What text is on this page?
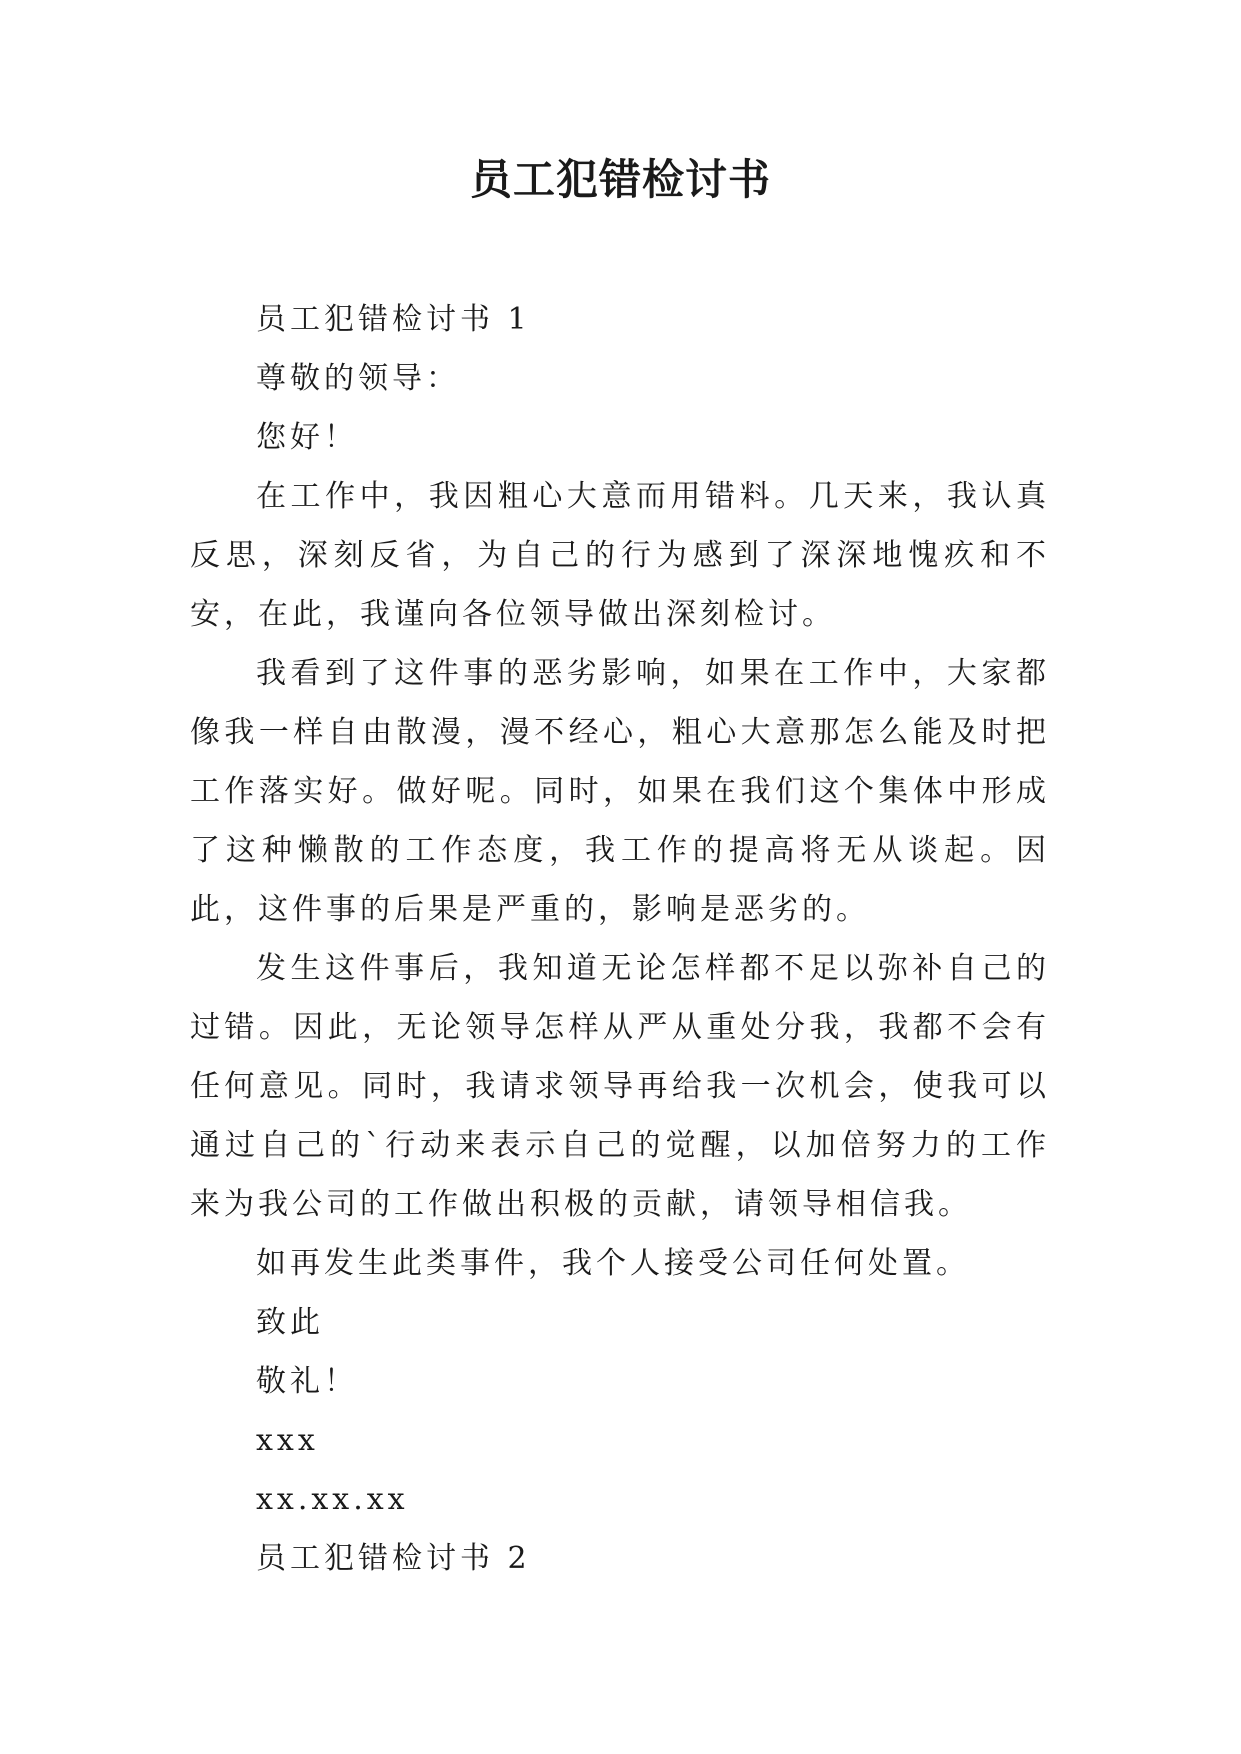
员工犯错检讨书

员工犯错检讨书 1

尊敬的领导：

您好！

在工作中，我因粗心大意而用错料。几天来，我认真反思，深刻反省，为自己的行为感到了深深地愧疚和不安，在此，我谨向各位领导做出深刻检讨。

我看到了这件事的恶劣影响，如果在工作中，大家都像我一样自由散漫，漫不经心，粗心大意那怎么能及时把工作落实好。做好呢。同时，如果在我们这个集体中形成了这种懒散的工作态度，我工作的提高将无从谈起。因此，这件事的后果是严重的，影响是恶劣的。

发生这件事后，我知道无论怎样都不足以弥补自己的过错。因此，无论领导怎样从严从重处分我，我都不会有任何意见。同时，我请求领导再给我一次机会，使我可以通过自己的`行动来表示自己的觉醒，以加倍努力的工作来为我公司的工作做出积极的贡献，请领导相信我。

如再发生此类事件，我个人接受公司任何处置。

致此

敬礼！

xxx

xx.xx.xx

员工犯错检讨书 2
